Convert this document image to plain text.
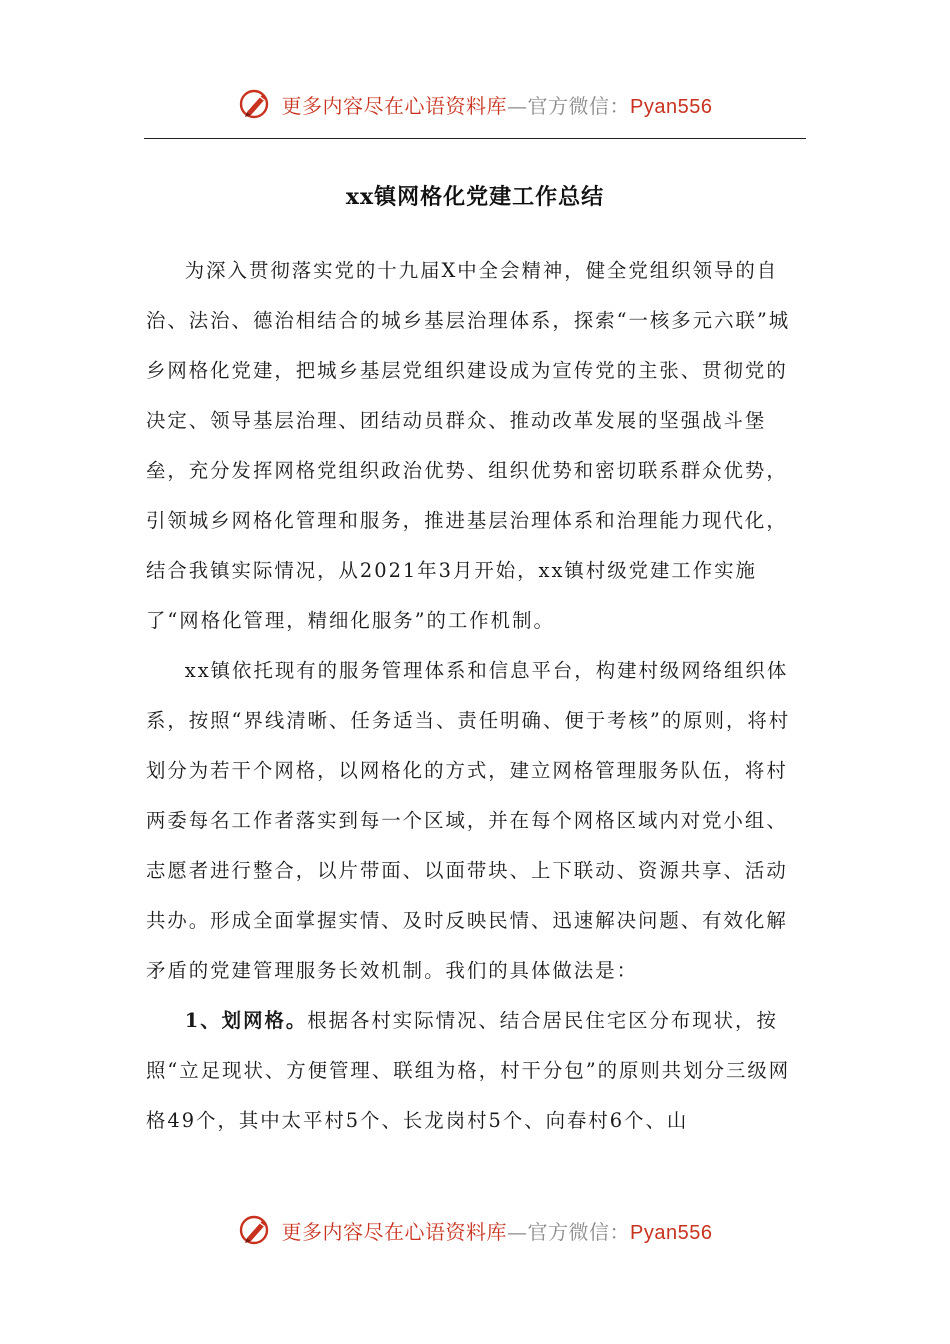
更多内容尽在心语资料库—官方微信：Pyan556
xx镇网格化党建工作总结

为深入贯彻落实党的十九届X中全会精神，健全党组织领导的自治、法治、德治相结合的城乡基层治理体系，探索“一核多元六联”城乡网格化党建，把城乡基层党组织建设成为宣传党的主张、贯彻党的决定、领导基层治理、团结动员群众、推动改革发展的坚强战斗堡垒，充分发挥网格党组织政治优势、组织优势和密切联系群众优势，引领城乡网格化管理和服务，推进基层治理体系和治理能力现代化，结合我镇实际情况，从2021年3月开始，xx镇村级党建工作实施了“网格化管理，精细化服务”的工作机制。

xx镇依托现有的服务管理体系和信息平台，构建村级网络组织体系，按照“界线清晰、任务适当、责任明确、便于考核”的原则，将村划分为若干个网格，以网格化的方式，建立网格管理服务队伍，将村两委每名工作者落实到每一个区域，并在每个网格区域内对党小组、志愿者进行整合，以片带面、以面带块、上下联动、资源共享、活动共办。形成全面掌握实情、及时反映民情、迅速解决问题、有效化解矛盾的党建管理服务长效机制。我们的具体做法是：

1、划网格。根据各村实际情况、结合居民住宅区分布现状，按照“立足现状、方便管理、联组为格，村干分包”的原则共划分三级网格49个，其中太平村5个、长龙岗村5个、向春村6个、山

更多内容尽在心语资料库—官方微信：Pyan556
